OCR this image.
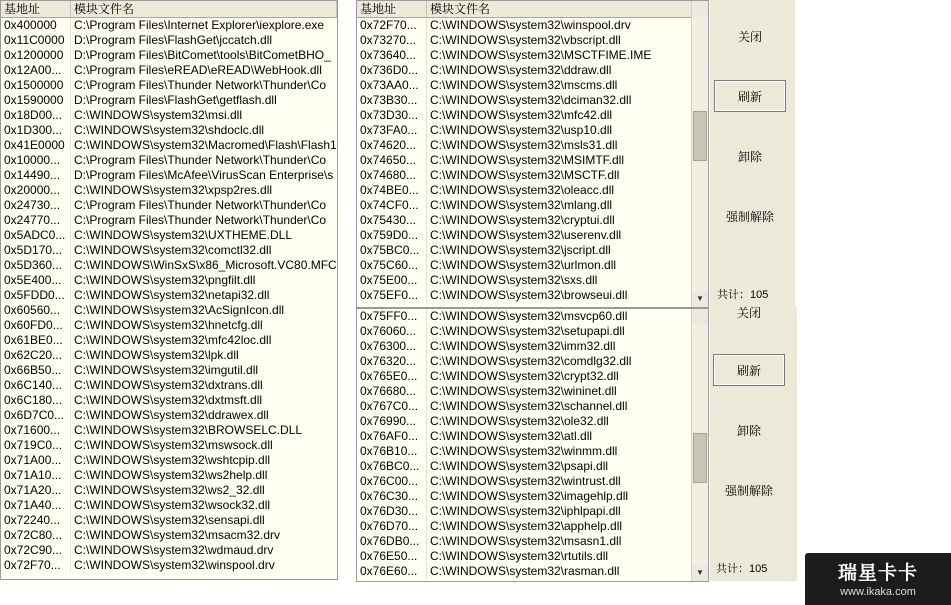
基地址	模块文件名
0x400000	C:\Program Files\Internet Explorer\iexplore.exe
0x11C0000 D:\Program Files\FlashGet\jccatch.dll
0x1200000 D:\Program Files\BitComet\tools\BitCometBHO_
0x12A00...	C:\Program Files\eREAD\eREAD\WebHook.dll
0x1500000 C:\Program Files\Thunder Network\Thunder\Co
0x1590000 D:\Program Files\FlashGet\getflash.dll
0x18D00... C:\WINDOWS\system32\msi.dll
0x1D300... C:\WINDOWS\system32\shdoclc.dll
0x41E0000 C:\WINDOWS\system32\Macromed\Flash\Flash1
0x10000...	C:\Program Files\Thunder Network\Thunder\Co
0x14490...	D:\Program Files\McAfee\VirusScan Enterprise\s
0x20000...	C:\WINDOWS\system32\xpsp2res.dll
0x24730...	C:\Program Files\Thunder Network\Thunder\Co
0x24770...	C:\Program Files\Thunder Network\Thunder\Co
0x5ADC0... C:\WINDOWS\system32\UXTHEME.DLL
0x5D170... C:\WINDOWS\system32\comctl32.dll
0x5D360... C:\WINDOWS\WinSxS\x86_Microsoft.VC80.MFC
0x5E400...	C:\WINDOWS\system32\pngfilt.dll
0x5FDD0... C:\WINDOWS\system32\netapi32.dll
0x60560...	C:\WINDOWS\system32\AcSignIcon.dll
0x60FD0... C:\WINDOWS\system32\hnetcfg.dll
0x61BE0... C:\WINDOWS\system32\mfc42loc.dll
0x62C20... C:\WINDOWS\system32\lpk.dll
0x66B50...	C:\WINDOWS\system32\imgutil.dll
0x6C140... C:\WINDOWS\system32\dxtrans.dll
0x6C180... C:\WINDOWS\system32\dxtmsft.dll
0x6D7C0... C:\WINDOWS\system32\ddrawex.dll
0x71600...	C:\WINDOWS\system32\BROWSELC.DLL
0x719C0... C:\WINDOWS\system32\mswsock.dll
0x71A00...	C:\WINDOWS\system32\wshtcpip.dll
0x71A10...	C:\WINDOWS\system32\ws2help.dll
0x71A20...	C:\WINDOWS\system32\ws2_32.dll
0x71A40...	C:\WINDOWS\system32\wsock32.dll
0x72240...	C:\WINDOWS\system32\sensapi.dll
0x72C80... C:\WINDOWS\system32\msacm32.drv
0x72C90... C:\WINDOWS\system32\wdmaud.drv
0x72F70...	C:\WINDOWS\system32\winspool.drv
基地址	模块文件名
0x72F70...	C:\WINDOWS\system32\winspool.drv
0x73270...	C:\WINDOWS\system32\vbscript.dll
0x73640...	C:\WINDOWS\system32\MSCTFIME.IME
0x736D0... C:\WINDOWS\system32\ddraw.dll
0x73AA0... C:\WINDOWS\system32\mscms.dll
0x73B30...	C:\WINDOWS\system32\dciman32.dll
0x73D30... C:\WINDOWS\system32\mfc42.dll
0x73FA0...	C:\WINDOWS\system32\usp10.dll
0x74620...	C:\WINDOWS\system32\msls31.dll
0x74650...	C:\WINDOWS\system32\MSIMTF.dll
0x74680...	C:\WINDOWS\system32\MSCTF.dll
0x74BE0... C:\WINDOWS\system32\oleacc.dll
0x74CF0... C:\WINDOWS\system32\mlang.dll
0x75430...	C:\WINDOWS\system32\cryptui.dll
0x759D0... C:\WINDOWS\system32\userenv.dll
0x75BC0... C:\WINDOWS\system32\jscript.dll
0x75C60... C:\WINDOWS\system32\urlmon.dll
0x75E00...	C:\WINDOWS\system32\sxs.dll
0x75EF0... C:\WINDOWS\system32\browseui.dll	▼
0x75FF0...	C:\WINDOWS\system32\msvcp60.dll
0x76060...	C:\WINDOWS\system32\setupapi.dll
0x76300...	C:\WINDOWS\system32\imm32.dll
0x76320...	C:\WINDOWS\system32\comdlg32.dll
0x765E0...	C:\WINDOWS\system32\crypt32.dll
0x76680...	C:\WINDOWS\system32\wininet.dll
0x767C0... C:\WINDOWS\system32\schannel.dll
0x76990...	C:\WINDOWS\system32\ole32.dll
0x76AF0... C:\WINDOWS\system32\atl.dll
0x76B10...	C:\WINDOWS\system32\winmm.dll
0x76BC0... C:\WINDOWS\system32\psapi.dll
0x76C00... C:\WINDOWS\system32\wintrust.dll
0x76C30... C:\WINDOWS\system32\imagehlp.dll
0x76D30... C:\WINDOWS\system32\iphlpapi.dll
0x76D70... C:\WINDOWS\system32\apphelp.dll
0x76DB0... C:\WINDOWS\system32\msasn1.dll
0x76E50...	C:\WINDOWS\system32\rtutils.dll
0x76E60...	C:\WINDOWS\system32\rasman.dll	▼
关闭
刷新
卸除
强制解除
共计：105
关闭
刷新
卸除
强制解除
共计：105	瑞星卡卡
www.ikaka.com
